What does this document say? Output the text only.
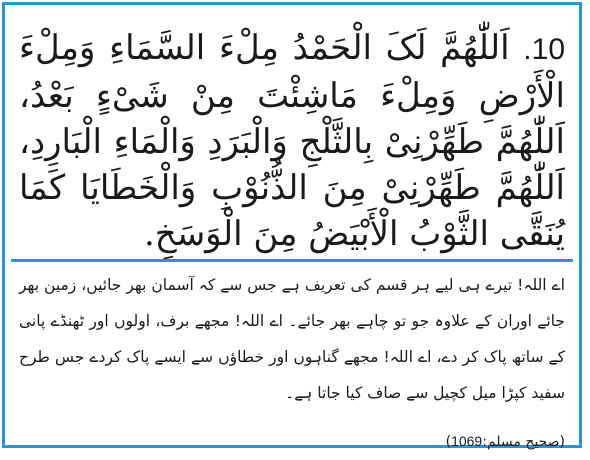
10. اَللّٰھُمَّ لَکَ الْحَمْدُ مِلْءَ السَّمَاءِ وَمِلْءَ الْأَرْضِ وَمِلْءَ مَاشِئْتَ مِنْ شَیْءٍ بَعْدُ، اَللّٰھُمَّ طَھِّرْنِیْ بِالثَّلْجِ وَالْبَرَدِ وَالْمَاءِ الْبَارِدِ، اَللّٰھُمَّ طَھِّرْنِیْ مِنَ الذُّنُوْبِ وَالْخَطَایَا کَمَا یُنَقَّی الثَّوْبُ الْأَبْیَضُ مِنَ الْوَسَخِ.
اے اللہ! تیرے ہی لیے ہر قسم کی تعریف ہے جس سے کہ آسمان بھر جائیں، زمین بھر جائے اوران کے علاوہ جو تو چاہے بھر جائے۔ اے اللہ! مجھے برف، اولوں اور ٹھنڈے پانی کے ساتھ پاک کر دے، اے اللہ! مجھے گناہوں اور خطاؤں سے ایسے پاک کردے جس طرح سفید کپڑا میل کچیل سے صاف کیا جاتا ہے۔
(صحیح مسلم:1069)
